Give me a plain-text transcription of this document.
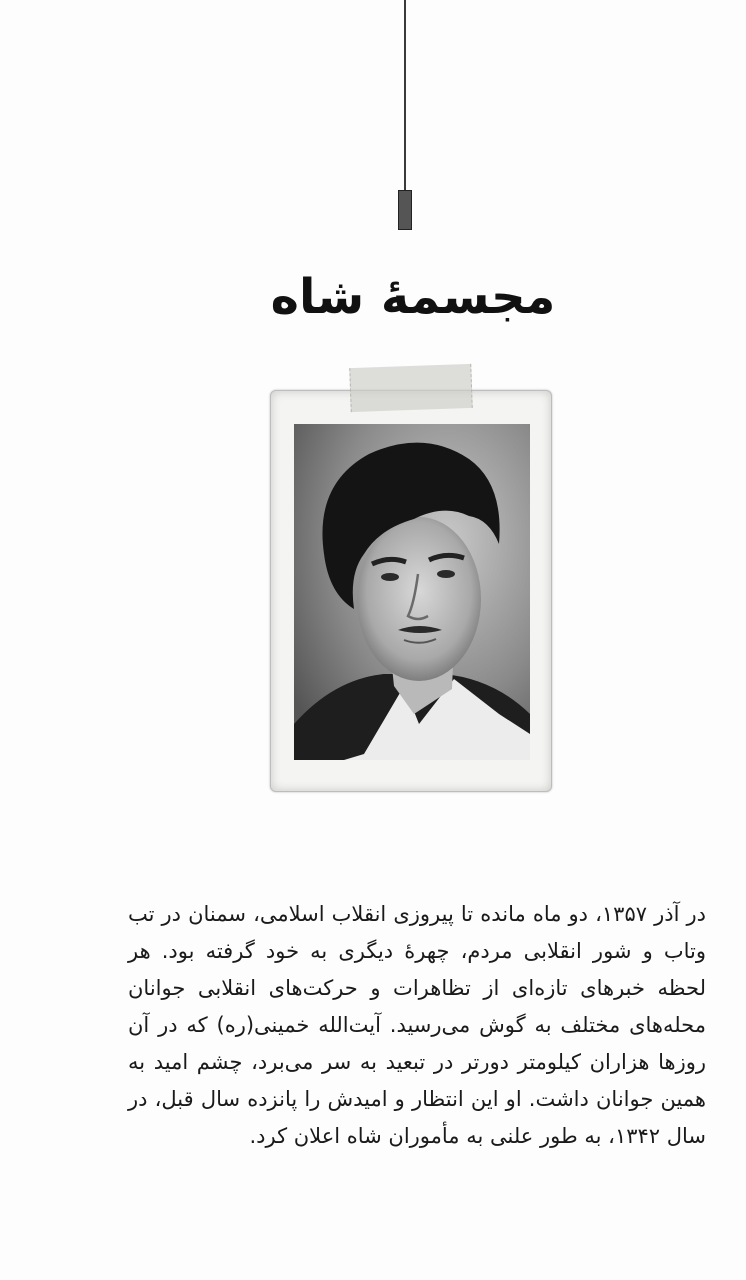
مجسمهٔ شاه

در آذر ۱۳۵۷، دو ماه مانده تا پیروزی انقلاب اسلامی، سمنان در تب وتاب و شور انقلابی مردم، چهرهٔ دیگری به خود گرفته بود. هر لحظه خبرهای تازه‌ای از تظاهرات و حرکت‌های انقلابی جوانان محله‌های مختلف به گوش می‌رسید. آیت‌الله خمینی(ره) که در آن روزها هزاران کیلومتر دورتر در تبعید به سر می‌برد، چشم امید به همین جوانان داشت. او این انتظار و امیدش را پانزده سال قبل، در سال ۱۳۴۲، به طور علنی به مأموران شاه اعلان کرد.
